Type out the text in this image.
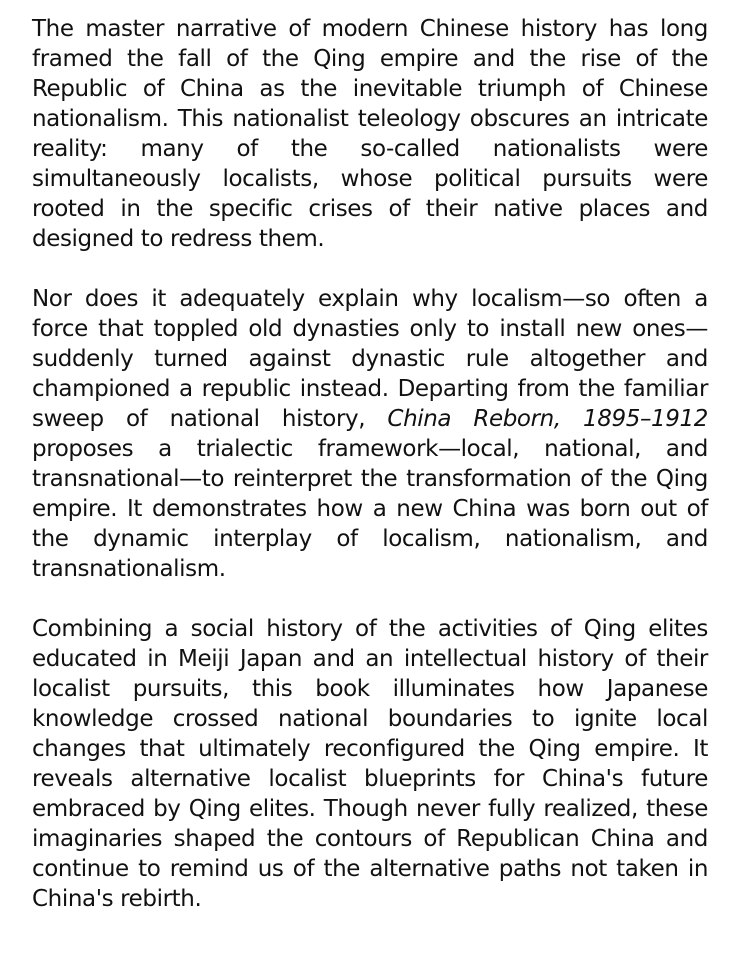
The master narrative of modern Chinese history has long framed the fall of the Qing empire and the rise of the Republic of China as the inevitable triumph of Chinese nationalism. This nationalist teleology obscures an intricate reality: many of the so-called nationalists were simultaneously localists, whose political pursuits were rooted in the specific crises of their native places and designed to redress them.

Nor does it adequately explain why localism—so often a force that toppled old dynasties only to install new ones—suddenly turned against dynastic rule altogether and championed a republic instead. Departing from the familiar sweep of national history, China Reborn, 1895–1912 proposes a trialectic framework—local, national, and transnational—to reinterpret the transformation of the Qing empire. It demonstrates how a new China was born out of the dynamic interplay of localism, nationalism, and transnationalism.

Combining a social history of the activities of Qing elites educated in Meiji Japan and an intellectual history of their localist pursuits, this book illuminates how Japanese knowledge crossed national boundaries to ignite local changes that ultimately reconfigured the Qing empire. It reveals alternative localist blueprints for China's future embraced by Qing elites. Though never fully realized, these imaginaries shaped the contours of Republican China and continue to remind us of the alternative paths not taken in China's rebirth.
